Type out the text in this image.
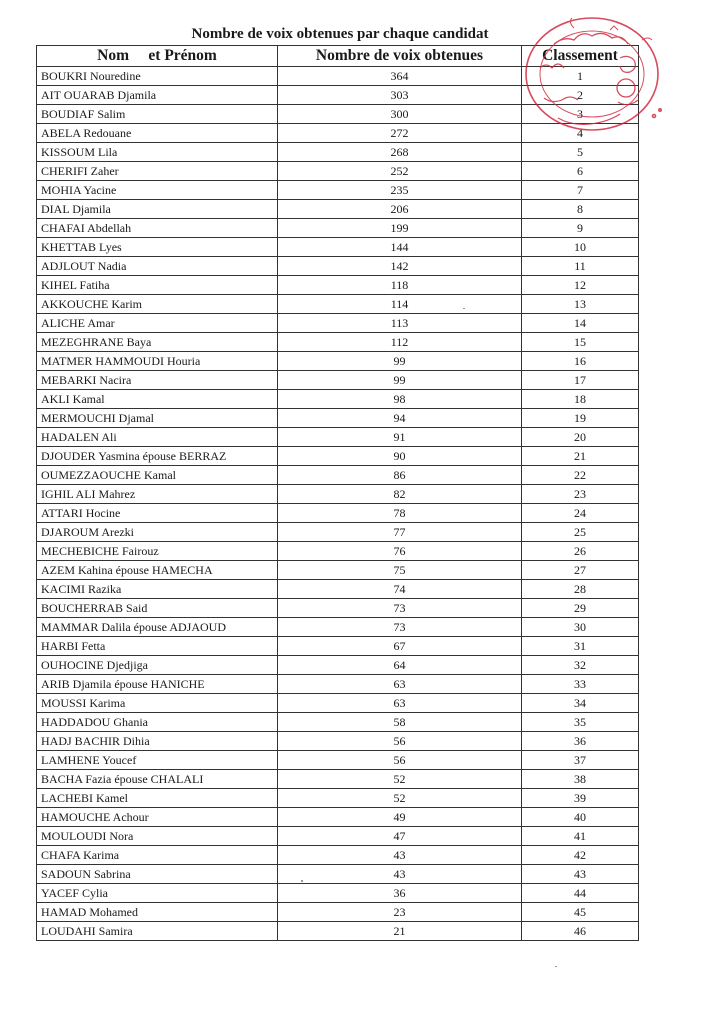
Nombre de voix obtenues par chaque candidat
Nom     et Prénom	Nombre de voix obtenues	Classement
BOUKRI Nouredine	364	1
AIT OUARAB Djamila	303	2
BOUDIAF Salim	300	3
ABELA Redouane	272	4
KISSOUM Lila	268	5
CHERIFI Zaher	252	6
MOHIA Yacine	235	7
DIAL Djamila	206	8
CHAFAI Abdellah	199	9
KHETTAB Lyes	144	10
ADJLOUT Nadia	142	11
KIHEL Fatiha	118	12
AKKOUCHE Karim	114	13
ALICHE Amar	113	14
MEZEGHRANE Baya	112	15
MATMER HAMMOUDI Houria	99	16
MEBARKI Nacira	99	17
AKLI Kamal	98	18
MERMOUCHI Djamal	94	19
HADALEN Ali	91	20
DJOUDER Yasmina épouse BERRAZ	90	21
OUMEZZAOUCHE Kamal	86	22
IGHIL ALI Mahrez	82	23
ATTARI Hocine	78	24
DJAROUM Arezki	77	25
MECHEBICHE Fairouz	76	26
AZEM Kahina épouse HAMECHA	75	27
KACIMI Razika	74	28
BOUCHERRAB Said	73	29
MAMMAR Dalila épouse ADJAOUD	73	30
HARBI Fetta	67	31
OUHOCINE Djedjiga	64	32
ARIB Djamila épouse HANICHE	63	33
MOUSSI Karima	63	34
HADDADOU Ghania	58	35
HADJ BACHIR Dihia	56	36
LAMHENE Youcef	56	37
BACHA Fazia épouse CHALALI	52	38
LACHEBI Kamel	52	39
HAMOUCHE Achour	49	40
MOULOUDI Nora	47	41
CHAFA Karima	43	42
SADOUN Sabrina	43	43
YACEF Cylia	36	44
HAMAD Mohamed	23	45
LOUDAHI Samira	21	46
